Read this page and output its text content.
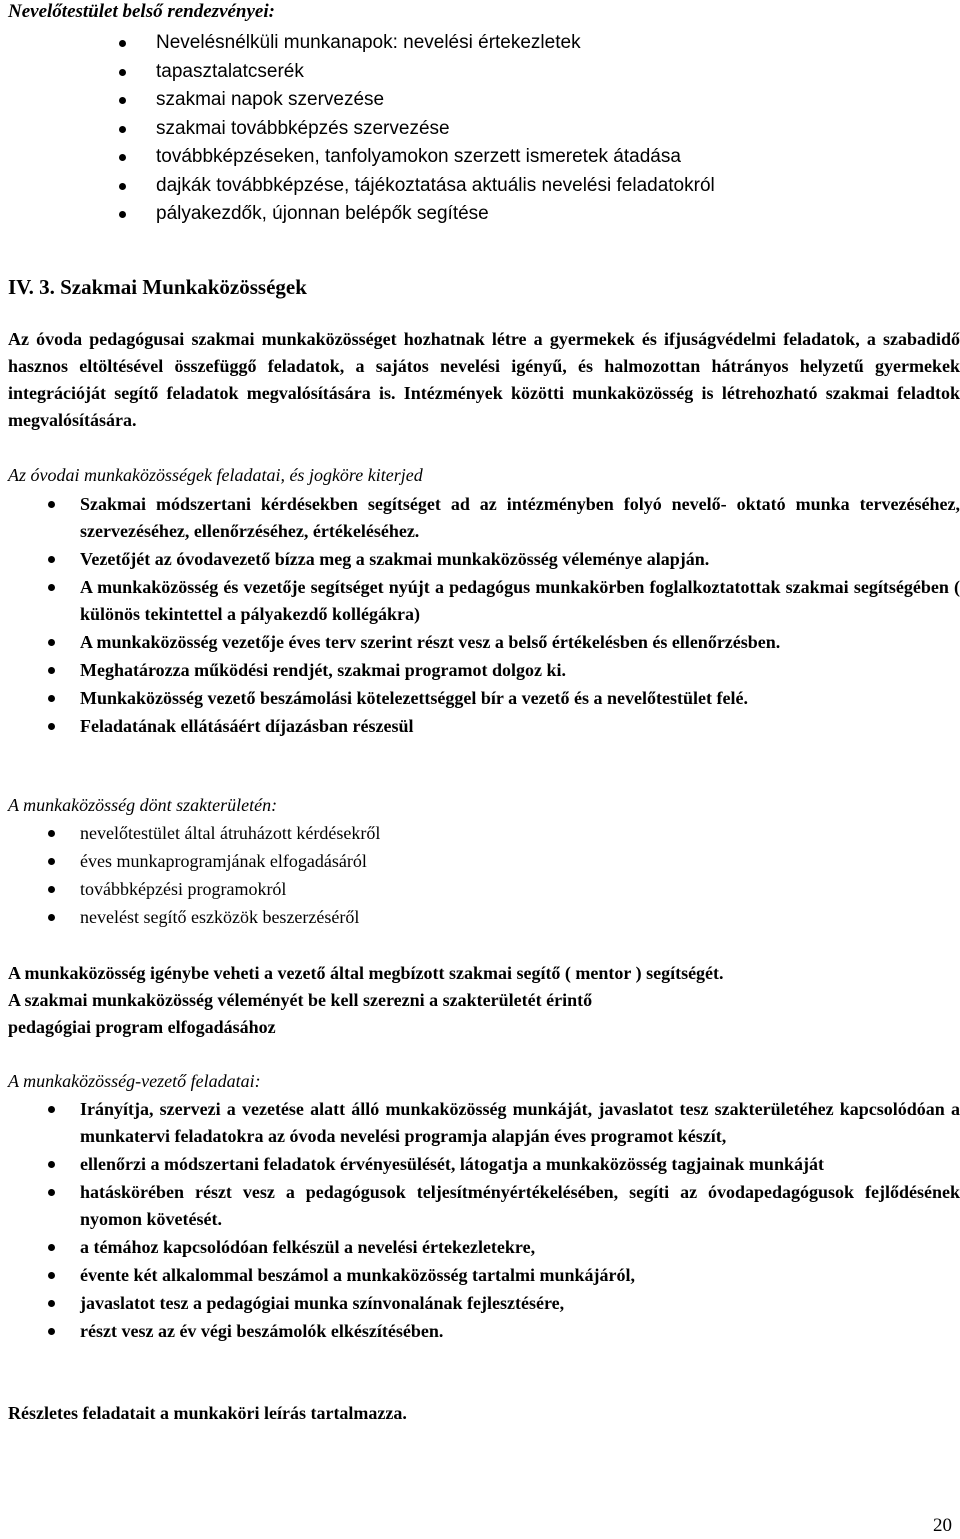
Nevelőtestület belső rendezvényei:
Nevelésnélküli munkanapok: nevelési értekezletek
tapasztalatcserék
szakmai napok szervezése
szakmai továbbképzés szervezése
továbbképzéseken, tanfolyamokon szerzett ismeretek átadása
dajkák továbbképzése, tájékoztatása aktuális nevelési feladatokról
pályakezdők, újonnan belépők segítése
IV. 3. Szakmai Munkaközösségek
Az óvoda pedagógusai szakmai munkaközösséget hozhatnak létre a gyermekek és ifjuságvédelmi feladatok, a szabadidő hasznos eltöltésével összefüggő feladatok, a sajátos nevelési igényű, és halmozottan hátrányos helyzetű gyermekek integrációját segítő feladatok megvalósítására is. Intézmények közötti munkaközösség is létrehozható szakmai feladtok megvalósítására.
Az óvodai munkaközösségek feladatai, és jogköre kiterjed
Szakmai módszertani kérdésekben segítséget ad az intézményben folyó nevelő- oktató munka tervezéséhez, szervezéséhez, ellenőrzéséhez, értékeléséhez.
Vezetőjét az óvodavezető bízza meg a szakmai munkaközösség véleménye alapján.
A munkaközösség és vezetője segítséget nyújt a pedagógus munkakörben foglalkoztatottak szakmai segítségében ( különös tekintettel a pályakezdő kollégákra)
A munkaközösség vezetője éves terv szerint részt vesz a belső értékelésben és ellenőrzésben.
Meghatározza működési rendjét, szakmai programot dolgoz ki.
Munkaközösség vezető beszámolási kötelezettséggel bír a vezető és a nevelőtestület felé.
Feladatának ellátásáért díjazásban részesül
A munkaközösség dönt szakterületén:
nevelőtestület által átruházott kérdésekről
éves munkaprogramjának elfogadásáról
továbbképzési programokról
nevelést segítő eszközök beszerzéséről
A munkaközösség igénybe veheti a vezető által megbízott szakmai segítő ( mentor ) segítségét.
A szakmai munkaközösség véleményét be kell szerezni a szakterületét érintő
pedagógiai program elfogadásához
A munkaközösség-vezető feladatai:
Irányítja, szervezi a vezetése alatt álló munkaközösség munkáját, javaslatot tesz szakterületéhez kapcsolódóan a munkatervi feladatokra az óvoda nevelési programja alapján éves programot készít,
ellenőrzi a módszertani feladatok érvényesülését, látogatja a munkaközösség tagjainak munkáját
hatáskörében részt vesz a pedagógusok teljesítményértékelésében, segíti az óvodapedagógusok fejlődésének nyomon követését.
a témához kapcsolódóan felkészül a nevelési értekezletekre,
évente két alkalommal beszámol a munkaközösség tartalmi munkájáról,
javaslatot tesz a pedagógiai munka színvonalának fejlesztésére,
részt vesz az év végi beszámolók elkészítésében.
Részletes feladatait a munkaköri leírás tartalmazza.
20
